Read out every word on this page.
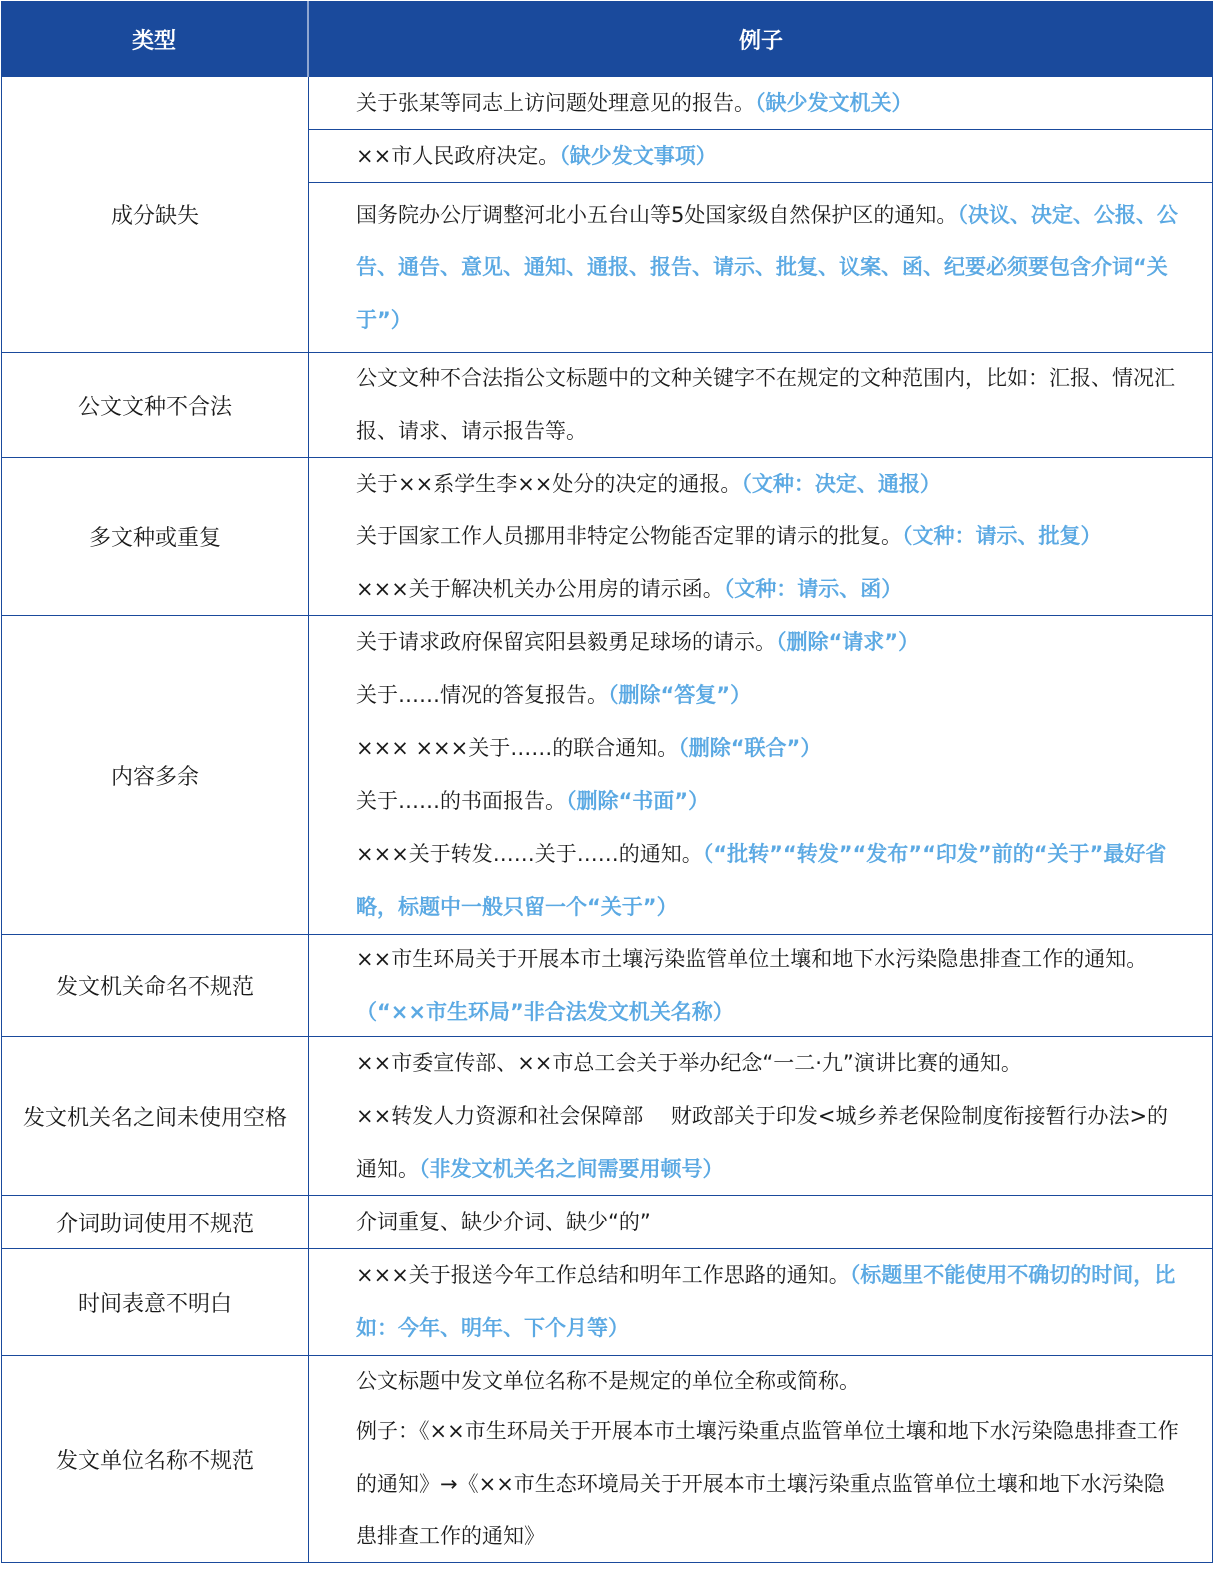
类型	例子
成分缺失
关于张某等同志上访问题处理意见的报告。（缺少发文机关）
××市人民政府决定。（缺少发文事项）
国务院办公厅调整河北小五台山等5处国家级自然保护区的通知。（决议、决定、公报、公告、通告、意见、通知、通报、报告、请示、批复、议案、函、纪要必须要包含介词“关于”）
公文文种不合法
公文文种不合法指公文标题中的文种关键字不在规定的文种范围内，比如：汇报、情况汇报、请求、请示报告等。
多文种或重复
关于××系学生李××处分的决定的通报。（文种：决定、通报）
关于国家工作人员挪用非特定公物能否定罪的请示的批复。（文种：请示、批复）
×××关于解决机关办公用房的请示函。（文种：请示、函）
内容多余
关于请求政府保留宾阳县毅勇足球场的请示。（删除“请求”）
关于……情况的答复报告。（删除“答复”）
××× ×××关于……的联合通知。（删除“联合”）
关于……的书面报告。（删除“书面”）
×××关于转发……关于……的通知。（“批转”“转发”“发布”“印发”前的“关于”最好省略，标题中一般只留一个“关于”）
发文机关命名不规范
××市生环局关于开展本市土壤污染监管单位土壤和地下水污染隐患排查工作的通知。（“××市生环局”非合法发文机关名称）
发文机关名之间未使用空格
××市委宣传部、××市总工会关于举办纪念“一二·九”演讲比赛的通知。
××转发人力资源和社会保障部　 财政部关于印发<城乡养老保险制度衔接暂行办法>的通知。（非发文机关名之间需要用顿号）
介词助词使用不规范	介词重复、缺少介词、缺少“的”
时间表意不明白
×××关于报送今年工作总结和明年工作思路的通知。（标题里不能使用不确切的时间，比如：今年、明年、下个月等）
发文单位名称不规范
公文标题中发文单位名称不是规定的单位全称或简称。
例子：《××市生环局关于开展本市土壤污染重点监管单位土壤和地下水污染隐患排查工作的通知》→《××市生态环境局关于开展本市土壤污染重点监管单位土壤和地下水污染隐患排查工作的通知》
